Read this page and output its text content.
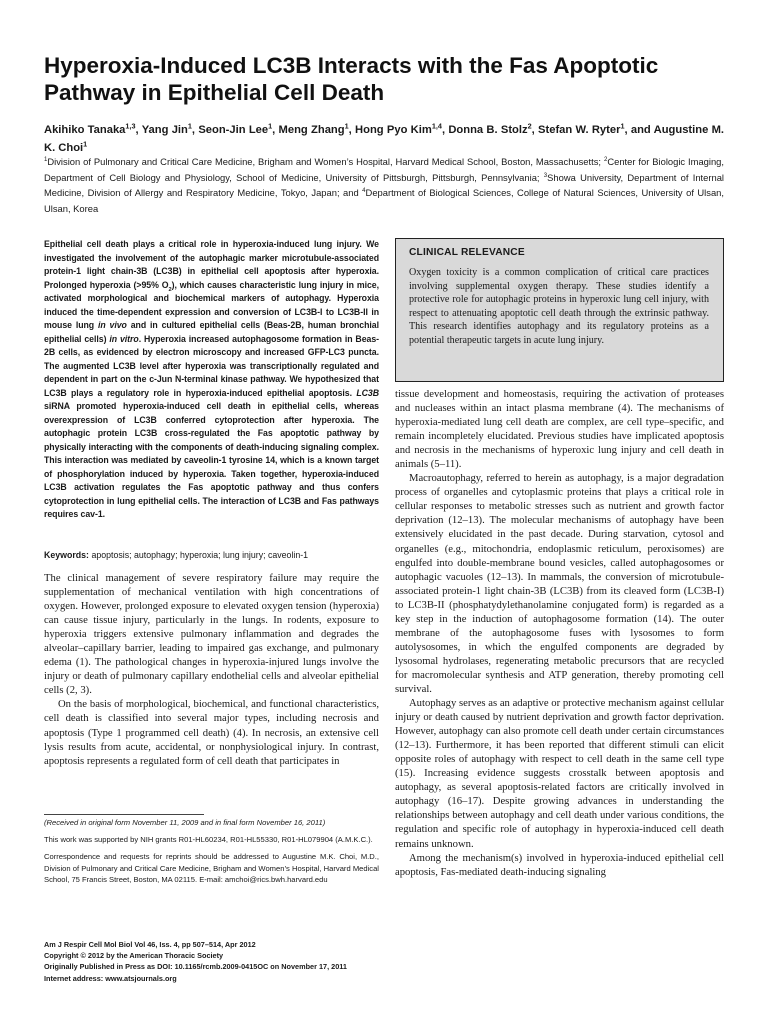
Hyperoxia-Induced LC3B Interacts with the Fas Apoptotic Pathway in Epithelial Cell Death
Akihiko Tanaka$^{1,3}$, Yang Jin$^1$, Seon-Jin Lee$^1$, Meng Zhang$^1$, Hong Pyo Kim$^{1,4}$, Donna B. Stolz$^2$, Stefan W. Ryter$^1$, and Augustine M. K. Choi$^1$
$^1$Division of Pulmonary and Critical Care Medicine, Brigham and Women’s Hospital, Harvard Medical School, Boston, Massachusetts; $^2$Center for Biologic Imaging, Department of Cell Biology and Physiology, School of Medicine, University of Pittsburgh, Pittsburgh, Pennsylvania; $^3$Showa University, Department of Internal Medicine, Division of Allergy and Respiratory Medicine, Tokyo, Japan; and $^4$Department of Biological Sciences, College of Natural Sciences, University of Ulsan, Ulsan, Korea
Epithelial cell death plays a critical role in hyperoxia-induced lung injury. We investigated the involvement of the autophagic marker microtubule-associated protein-1 light chain-3B (LC3B) in epithelial cell apoptosis after hyperoxia. Prolonged hyperoxia (>95% $O_2$), which causes characteristic lung injury in mice, activated morphological and biochemical markers of autophagy. Hyperoxia induced the time-dependent expression and conversion of LC3B-I to LC3B-II in mouse lung in vivo and in cultured epithelial cells (Beas-2B, human bronchial epithelial cells) in vitro. Hyperoxia increased autophagosome formation in Beas-2B cells, as evidenced by electron microscopy and increased GFP-LC3 puncta. The augmented LC3B level after hyperoxia was transcriptionally regulated and dependent in part on the c-Jun N-terminal kinase pathway. We hypothesized that LC3B plays a regulatory role in hyperoxia-induced epithelial apoptosis. LC3B siRNA promoted hyperoxia-induced cell death in epithelial cells, whereas overexpression of LC3B conferred cytoprotection after hyperoxia. The autophagic protein LC3B cross-regulated the Fas apoptotic pathway by physically interacting with the components of death-inducing signaling complex. This interaction was mediated by caveolin-1 tyrosine 14, which is a known target of phosphorylation induced by hyperoxia. Taken together, hyperoxia-induced LC3B activation regulates the Fas apoptotic pathway and thus confers cytoprotection in lung epithelial cells. The interaction of LC3B and Fas pathways requires cav-1.
Keywords: apoptosis; autophagy; hyperoxia; lung injury; caveolin-1

The clinical management of severe respiratory failure may require the supplementation of mechanical ventilation with high concentrations of oxygen. However, prolonged exposure to elevated oxygen tension (hyperoxia) can cause tissue injury, particularly in the lungs. In rodents, exposure to hyperoxia triggers extensive pulmonary inflammation and degrades the alveolar–capillary barrier, leading to impaired gas exchange, and pulmonary edema (1). The pathological changes in hyperoxia-injured lungs involve the injury or death of pulmonary capillary endothelial cells and alveolar epithelial cells (2, 3).

On the basis of morphological, biochemical, and functional characteristics, cell death is classified into several major types, including necrosis and apoptosis (Type 1 programmed cell death) (4). In necrosis, an extensive cell lysis results from acute, accidental, or nonphysiological injury. In contrast, apoptosis represents a regulated form of cell death that participates in

(Received in original form November 11, 2009 and in final form November 16, 2011)

This work was supported by NIH grants R01-HL60234, R01-HL55330, R01-HL079904 (A.M.K.C.).

Correspondence and requests for reprints should be addressed to Augustine M.K. Choi, M.D., Division of Pulmonary and Critical Care Medicine, Brigham and Women’s Hospital, Harvard Medical School, 75 Francis Street, Boston, MA 02115. E-mail: amchoi@rics.bwh.harvard.edu

Am J Respir Cell Mol Biol Vol 46, Iss. 4, pp 507–514, Apr 2012
Copyright © 2012 by the American Thoracic Society
Originally Published in Press as DOI: 10.1165/rcmb.2009-0415OC on November 17, 2011
Internet address: www.atsjournals.org
CLINICAL RELEVANCE
Oxygen toxicity is a common complication of critical care practices involving supplemental oxygen therapy. These studies identify a protective role for autophagic proteins in hyperoxic lung cell injury, with respect to attenuating apoptotic cell death through the extrinsic pathway. This research identifies autophagy and its regulatory proteins as a potential therapeutic targets in acute lung injury.

tissue development and homeostasis, requiring the activation of proteases and nucleases within an intact plasma membrane (4). The mechanisms of hyperoxia-mediated lung cell death are complex, are cell type–specific, and remain incompletely elucidated. Previous studies have implicated apoptosis and necrosis in the mechanisms of hyperoxic lung injury and cell death in animals (5–11).

Macroautophagy, referred to herein as autophagy, is a major degradation process of organelles and cytoplasmic proteins that plays a critical role in cellular responses to metabolic stresses such as nutrient and growth factor deprivation (12–13). The molecular mechanisms of autophagy have been extensively elucidated in the past decade. During starvation, cytosol and organelles (e.g., mitochondria, endoplasmic reticulum, peroxisomes) are engulfed into double-membrane bound vesicles, called autophagosomes or autophagic vacuoles (12–13). In mammals, the conversion of microtubule-associated protein-1 light chain-3B (LC3B) from its cleaved form (LC3B-I) to LC3B-II (phosphatydylethanolamine conjugated form) is regarded as a key step in the induction of autophagosome formation (14). The outer membrane of the autophagosome fuses with lysosomes to form autolysosomes, in which the engulfed components are degraded by lysosomal hydrolases, regenerating metabolic precursors that are recycled for macromolecular synthesis and ATP generation, thereby promoting cell survival.

Autophagy serves as an adaptive or protective mechanism against cellular injury or death caused by nutrient deprivation and growth factor deprivation. However, autophagy can also promote cell death under certain circumstances (12–13). Furthermore, it has been reported that different stimuli can elicit opposite roles of autophagy with respect to cell death in the same cell type (15). Increasing evidence suggests crosstalk between apoptosis and autophagy, as several apoptosis-related factors are critically involved in autophagy (16–17). Despite growing advances in understanding the relationships between autophagy and cell death under various conditions, the regulation and specific role of autophagy in hyperoxia-induced cell death remains unknown.

Among the mechanism(s) involved in hyperoxia-induced epithelial cell apoptosis, Fas-mediated death-inducing signaling
